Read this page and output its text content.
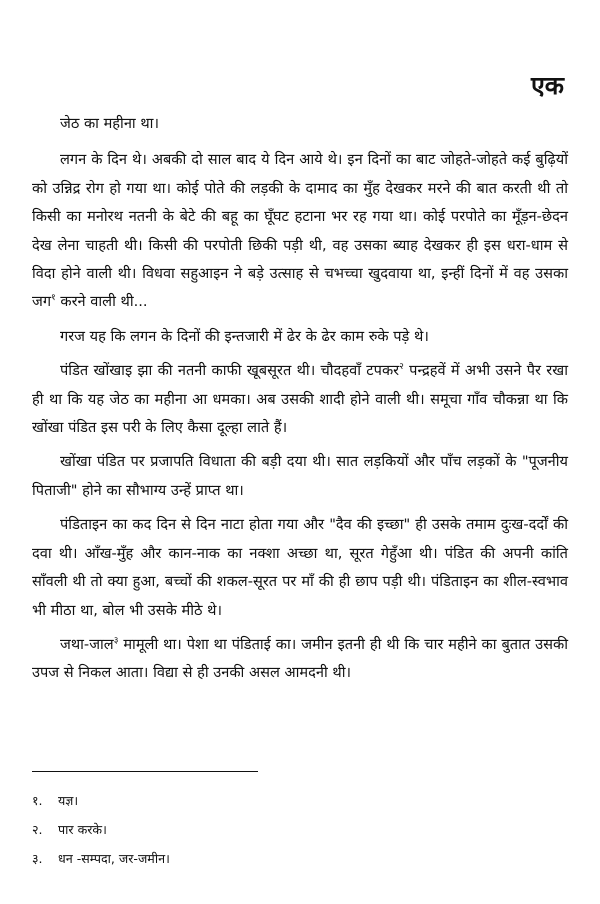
एक

जेठ का महीना था।

लगन के दिन थे। अबकी दो साल बाद ये दिन आये थे। इन दिनों का बाट जोहते-जोहते कई बुढ़ियों को उन्निद्र रोग हो गया था। कोई पोते की लड़की के दामाद का मुँह देखकर मरने की बात करती थी तो किसी का मनोरथ नतनी के बेटे की बहू का घूँघट हटाना भर रह गया था। कोई परपोते का मूँड़न-छेदन देख लेना चाहती थी। किसी की परपोती छिकी पड़ी थी, वह उसका ब्याह देखकर ही इस धरा-धाम से विदा होने वाली थी। विधवा सहुआइन ने बड़े उत्साह से चभच्चा खुदवाया था, इन्हीं दिनों में वह उसका जग$^१$ करने वाली थी...

गरज यह कि लगन के दिनों की इन्तजारी में ढेर के ढेर काम रुके पड़े थे।

पंडित खोंखाइ झा की नतनी काफी खूबसूरत थी। चौदहवाँ टपकर$^२$ पन्द्रहवें में अभी उसने पैर रखा ही था कि यह जेठ का महीना आ धमका। अब उसकी शादी होने वाली थी। समूचा गाँव चौकन्ना था कि खोंखा पंडित इस परी के लिए कैसा दूल्हा लाते हैं।

खोंखा पंडित पर प्रजापति विधाता की बड़ी दया थी। सात लड़कियों और पाँच लड़कों के "पूजनीय पिताजी" होने का सौभाग्य उन्हें प्राप्त था।

पंडिताइन का कद दिन से दिन नाटा होता गया और "दैव की इच्छा" ही उसके तमाम दुःख-दर्दों की दवा थी। आँख-मुँह और कान-नाक का नक्शा अच्छा था, सूरत गेहुँआ थी। पंडित की अपनी कांति साँवली थी तो क्या हुआ, बच्चों की शकल-सूरत पर माँ की ही छाप पड़ी थी। पंडिताइन का शील-स्वभाव भी मीठा था, बोल भी उसके मीठे थे।

जथा-जाल$^३$ मामूली था। पेशा था पंडिताई का। जमीन इतनी ही थी कि चार महीने का बुतात उसकी उपज से निकल आता। विद्या से ही उनकी असल आमदनी थी।

१.	यज्ञ।
२.	पार करके।
३.	धन -सम्पदा, जर-जमीन।
